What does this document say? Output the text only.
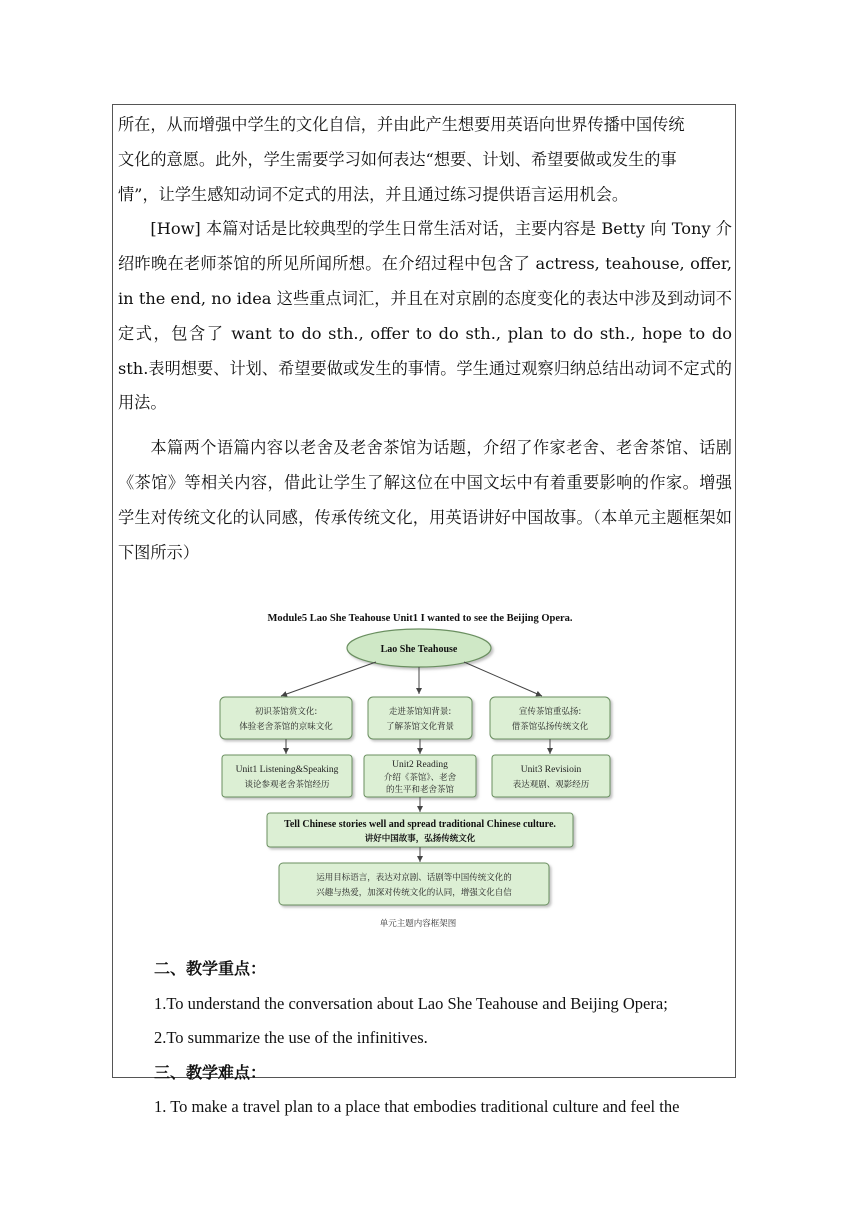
所在，从而增强中学生的文化自信，并由此产生想要用英语向世界传播中国传统

文化的意愿。此外，学生需要学习如何表达“想要、计划、希望要做或发生的事

情”，让学生感知动词不定式的用法，并且通过练习提供语言运用机会。

[How] 本篇对话是比较典型的学生日常生活对话，主要内容是 Betty 向 Tony 介绍昨晚在老师茶馆的所见所闻所想。在介绍过程中包含了 actress, teahouse, offer, in the end, no idea 这些重点词汇，并且在对京剧的态度变化的表达中涉及到动词不定式，包含了 want to do sth., offer to do sth., plan to do sth., hope to do sth.表明想要、计划、希望要做或发生的事情。学生通过观察归纳总结出动词不定式的用法。

本篇两个语篇内容以老舍及老舍茶馆为话题，介绍了作家老舍、老舍茶馆、话剧《茶馆》等相关内容，借此让学生了解这位在中国文坛中有着重要影响的作家。增强学生对传统文化的认同感，传承传统文化，用英语讲好中国故事。（本单元主题框架如下图所示）

Module5 Lao She Teahouse Unit1 I wanted to see the Beijing Opera.
Lao She Teahouse
初识茶馆赏文化:
体验老舍茶馆的京味文化
走进茶馆知背景:
了解茶馆文化背景
宣传茶馆重弘扬:
借茶馆弘扬传统文化
Unit1 Listening&Speaking
谈论参观老舍茶馆经历
Unit2 Reading
介绍《茶馆》、老舍
的生平和老舍茶馆
Unit3 Revisioin
表达观剧、观影经历
Tell Chinese stories well and spread traditional Chinese culture.
讲好中国故事，弘扬传统文化
运用目标语言，表达对京剧、话剧等中国传统文化的
兴趣与热爱，加深对传统文化的认同，增强文化自信
单元主题内容框架图

二、教学重点：

1.To understand the conversation about Lao She Teahouse and Beijing Opera;

2.To summarize the use of the infinitives.

三、教学难点：

1. To make a travel plan to a place that embodies traditional culture and feel the
